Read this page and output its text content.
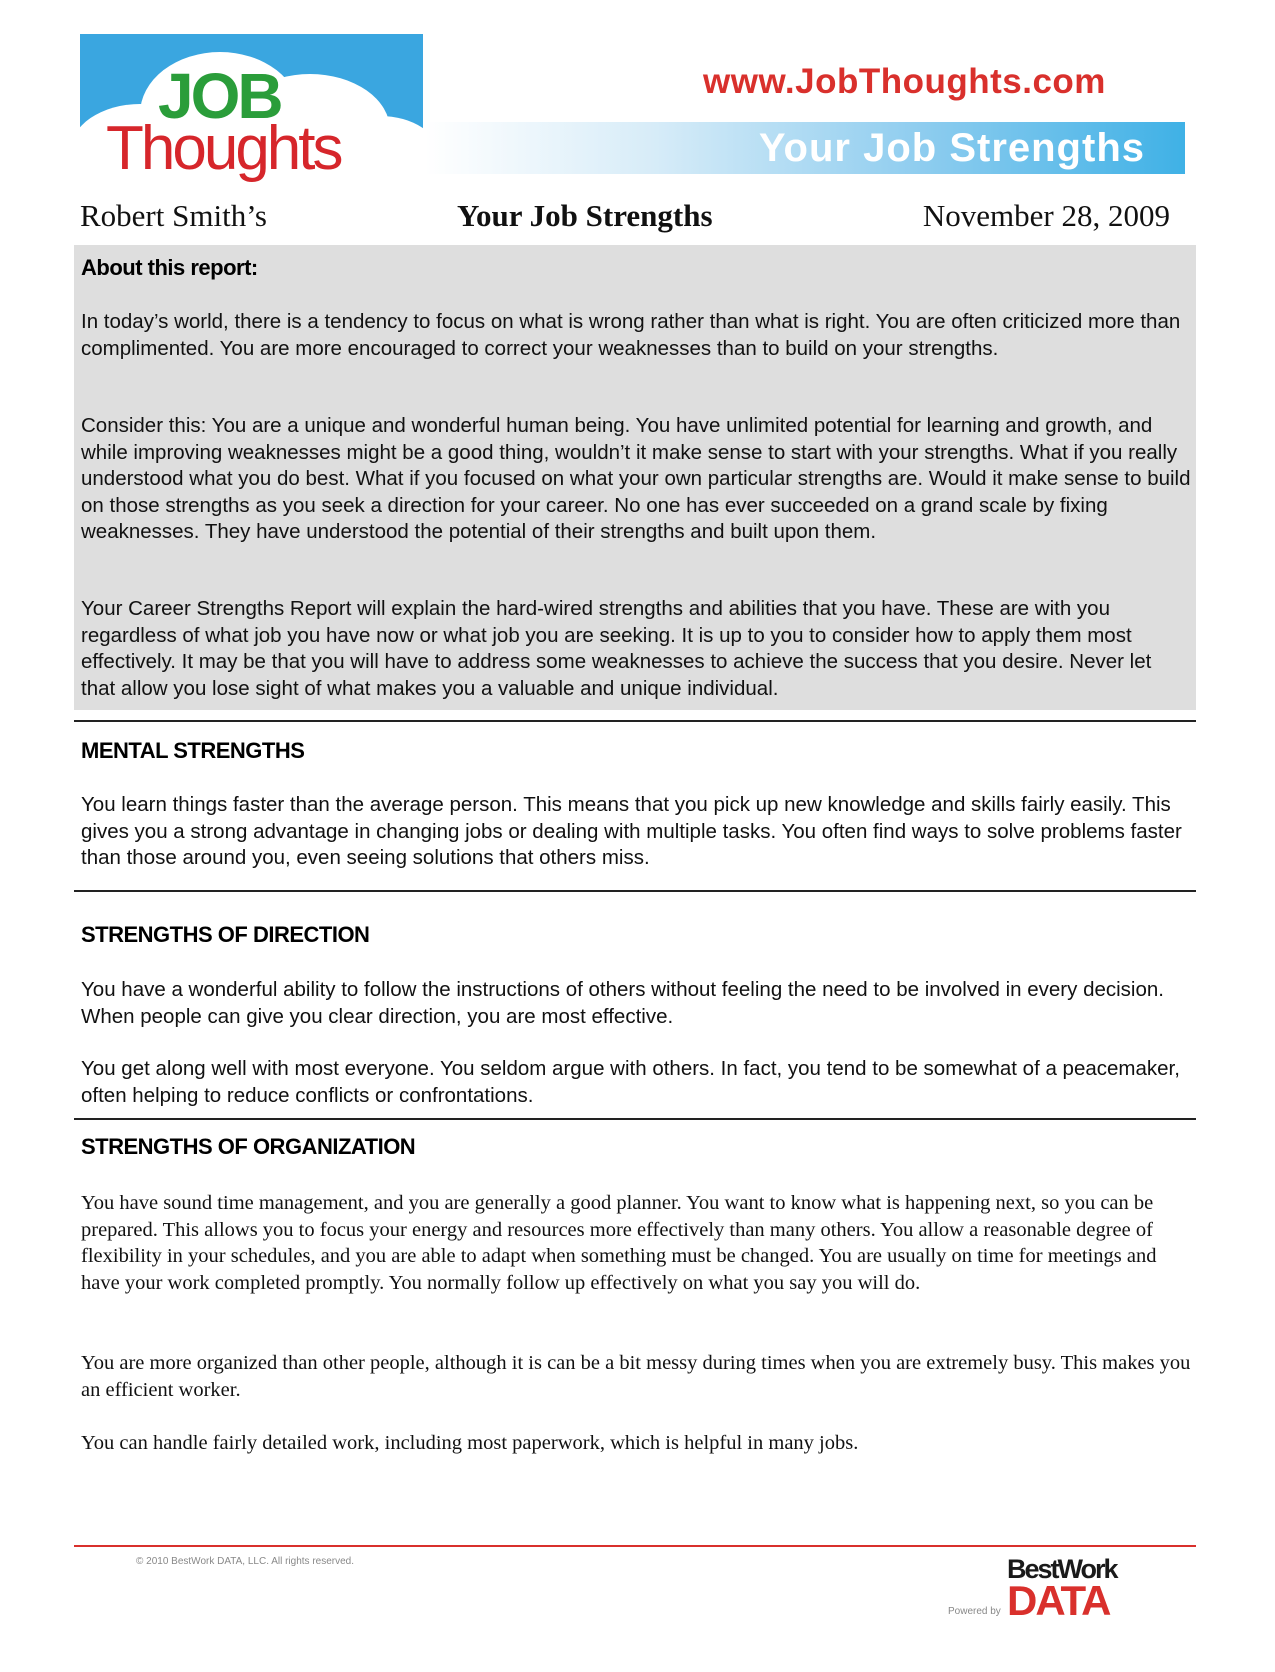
JOB
Thoughts
www.JobThoughts.com
Your Job Strengths
Robert Smith’s	Your Job Strengths	November 28, 2009
About this report:

In today’s world, there is a tendency to focus on what is wrong rather than what is right. You are often criticized more than complimented. You are more encouraged to correct your weaknesses than to build on your strengths.

Consider this: You are a unique and wonderful human being. You have unlimited potential for learning and growth, and while improving weaknesses might be a good thing, wouldn’t it make sense to start with your strengths. What if you really understood what you do best. What if you focused on what your own particular strengths are. Would it make sense to build on those strengths as you seek a direction for your career. No one has ever succeeded on a grand scale by fixing weaknesses. They have understood the potential of their strengths and built upon them.

Your Career Strengths Report will explain the hard-wired strengths and abilities that you have. These are with you regardless of what job you have now or what job you are seeking. It is up to you to consider how to apply them most effectively. It may be that you will have to address some weaknesses to achieve the success that you desire. Never let that allow you lose sight of what makes you a valuable and unique individual.

MENTAL STRENGTHS

You learn things faster than the average person. This means that you pick up new knowledge and skills fairly easily. This gives you a strong advantage in changing jobs or dealing with multiple tasks. You often find ways to solve problems faster than those around you, even seeing solutions that others miss.

STRENGTHS OF DIRECTION

You have a wonderful ability to follow the instructions of others without feeling the need to be involved in every decision. When people can give you clear direction, you are most effective.

You get along well with most everyone. You seldom argue with others. In fact, you tend to be somewhat of a peacemaker, often helping to reduce conflicts or confrontations.

STRENGTHS OF ORGANIZATION

You have sound time management, and you are generally a good planner. You want to know what is happening next, so you can be prepared. This allows you to focus your energy and resources more effectively than many others. You allow a reasonable degree of flexibility in your schedules, and you are able to adapt when something must be changed. You are usually on time for meetings and have your work completed promptly. You normally follow up effectively on what you say you will do.

You are more organized than other people, although it is can be a bit messy during times when you are extremely busy. This makes you an efficient worker.

You can handle fairly detailed work, including most paperwork, which is helpful in many jobs.

© 2010 BestWork DATA, LLC. All rights reserved.
Powered by
BestWork
DATA
